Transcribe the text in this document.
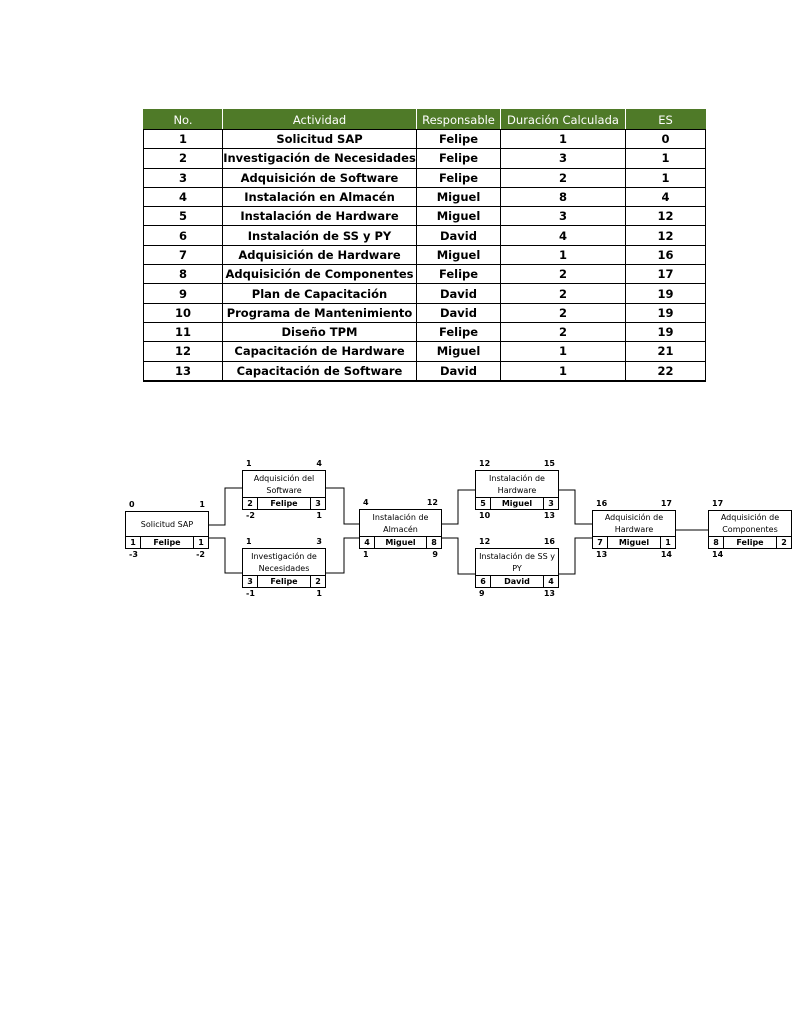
No.	Actividad	Responsable	Duración Calculada	ES
1	Solicitud SAP	Felipe	1	0
2	Investigación de Necesidades	Felipe	3	1
3	Adquisición de Software	Felipe	2	1
4	Instalación en Almacén	Miguel	8	4
5	Instalación de Hardware	Miguel	3	12
6	Instalación de SS y PY	David	4	12
7	Adquisición de Hardware	Miguel	1	16
8	Adquisición de Componentes	Felipe	2	17
9	Plan de Capacitación	David	2	19
10	Programa de Mantenimiento	David	2	19
11	Diseño TPM	Felipe	2	19
12	Capacitación de Hardware	Miguel	1	21
13	Capacitación de Software	David	1	22
Solicitud SAP
1	Felipe	1
0	1
-3	-2
Adquisición del
Software
2	Felipe	3
1	4
-2	1
Investigación de
Necesidades
3	Felipe	2
1	3
-1	1
Instalación de
Almacén
4	Miguel	8
4	12
1	9
Instalación de
Hardware
5	Miguel	3
12	15
10	13
Instalación de SS y
PY
6	David	4
12	16
9	13
Adquisición de
Hardware
7	Miguel	1
16	17
13	14
Adquisición de
Componentes
8	Felipe	2
17
14
